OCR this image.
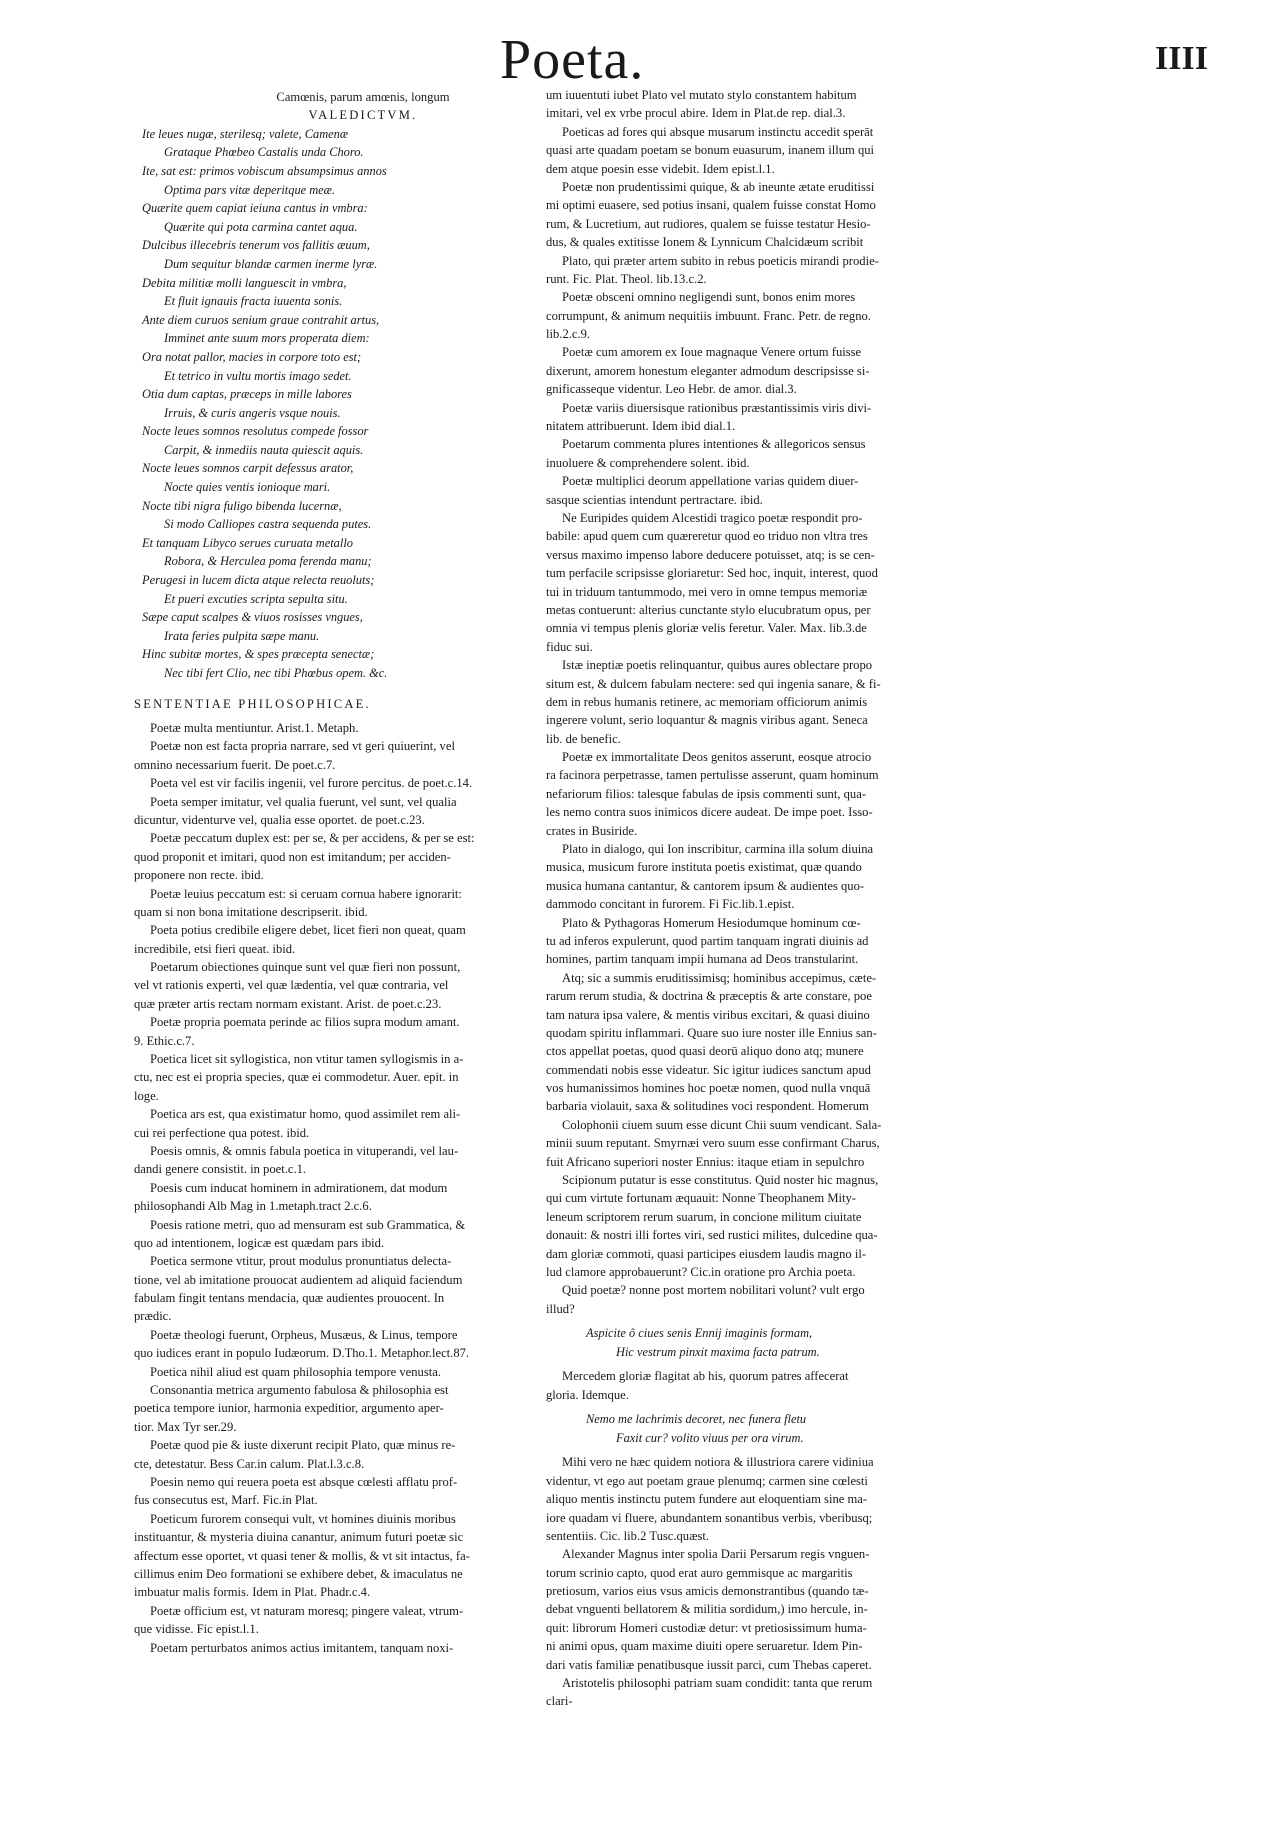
Poeta.	IIII
Camœnis, parum amœnis, longum
VALEDICTVM.
Ite leues nugæ, sterilesq; valete, Camenæ
Grataque Phœbeo Castalis unda Choro.
Ite, sat est: primos vobiscum absumpsimus annos
Optima pars vitæ deperitque meæ.
Quærite quem capiat ieiuna cantus in vmbra:
Quærite qui pota carmina cantet aqua.
Dulcibus illecebris tenerum vos fallitis æuum,
Dum sequitur blandæ carmen inerme lyræ.
Debita militiæ molli languescit in vmbra,
Et fluit ignauis fracta iuuenta sonis.
Ante diem curuos senium graue contrahit artus,
Imminet ante suum mors properata diem:
Ora notat pallor, macies in corpore toto est;
Et tetrico in vultu mortis imago sedet.
Otia dum captas, præceps in mille labores
Irruis, & curis angeris vsque nouis.
Nocte leues somnos resolutus compede fossor
Carpit, & inmediis nauta quiescit aquis.
Nocte leues somnos carpit defessus arator,
Nocte quies ventis ionioque mari.
Nocte tibi nigra fuligo bibenda lucernæ,
Si modo Calliopes castra sequenda putes.
Et tanquam Libyco serues curuata metallo
Robora, & Herculea poma ferenda manu;
Perugesi in lucem dicta atque relecta reuoluts;
Et pueri excuties scripta sepulta situ.
Sæpe caput scalpes & viuos rosisses vngues,
Irata feries pulpita sæpe manu.
Hinc subitæ mortes, & spes præcepta senectæ;
Nec tibi fert Clio, nec tibi Phœbus opem. &c.
SENTENTIAE PHILOSOPHICAE.
Poetæ multa mentiuntur. Arist.1. Metaph.
Poetæ non est facta propria narrare, sed vt geri quiuerint, vel
omnino necessarium fuerit. De poet.c.7.
Poeta vel est vir facilis ingenii, vel furore percitus. de poet.c.14.
Poeta semper imitatur, vel qualia fuerunt, vel sunt, vel qualia
dicuntur, videnturve vel, qualia esse oportet. de poet.c.23.
Poetæ peccatum duplex est: per se, & per accidens, & per se est:
quod proponit et imitari, quod non est imitandum; per acciden-
proponere non recte. ibid.
Poetæ leuius peccatum est: si ceruam cornua habere ignorarit:
quam si non bona imitatione descripserit. ibid.
Poeta potius credibile eligere debet, licet fieri non queat, quam
incredibile, etsi fieri queat. ibid.
Poetarum obiectiones quinque sunt vel quæ fieri non possunt,
vel vt rationis experti, vel quæ lædentia, vel quæ contraria, vel
quæ præter artis rectam normam existant. Arist. de poet.c.23.
Poetæ propria poemata perinde ac filios supra modum amant.
9. Ethic.c.7.
Poetica licet sit syllogistica, non vtitur tamen syllogismis in a-
ctu, nec est ei propria species, quæ ei commodetur. Auer. epit. in
loge.
Poetica ars est, qua existimatur homo, quod assimilet rem ali-
cui rei perfectione qua potest. ibid.
Poesis omnis, & omnis fabula poetica in vituperandi, vel lau-
dandi genere consistit. in poet.c.1.
Poesis cum inducat hominem in admirationem, dat modum
philosophandi Alb Mag in 1.metaph.tract 2.c.6.
Poesis ratione metri, quo ad mensuram est sub Grammatica, &
quo ad intentionem, logicæ est quædam pars ibid.
Poetica sermone vtitur, prout modulus pronuntiatus delecta-
tione, vel ab imitatione prouocat audientem ad aliquid faciendum
fabulam fingit tentans mendacia, quæ audientes prouocent. In
prædic.
Poetæ theologi fuerunt, Orpheus, Musæus, & Linus, tempore
quo iudices erant in populo Iudæorum. D.Tho.1. Metaphor.lect.87.
Poetica nihil aliud est quam philosophia tempore venusta.
Consonantia metrica argumento fabulosa & philosophia est
poetica tempore iunior, harmonia expeditior, argumento aper-
tior. Max Tyr ser.29.
Poetæ quod pie & iuste dixerunt recipit Plato, quæ minus re-
cte, detestatur. Bess Car.in calum. Plat.l.3.c.8.
Poesin nemo qui reuera poeta est absque cœlesti afflatu prof-
fus consecutus est, Marf. Fic.in Plat.
Poeticum furorem consequi vult, vt homines diuinis moribus
instituantur, & mysteria diuina canantur, animum futuri poetæ sic
affectum esse oportet, vt quasi tener & mollis, & vt sit intactus, fa-
cillimus enim Deo formationi se exhibere debet, & imaculatus ne
imbuatur malis formis. Idem in Plat. Phadr.c.4.
Poetæ officium est, vt naturam moresq; pingere valeat, vtrum-
que vidisse. Fic epist.l.1.
Poetam perturbatos animos actius imitantem, tanquam noxi-
um iuuentuti iubet Plato vel mutato stylo constantem habitum
imitari, vel ex vrbe procul abire. Idem in Plat.de rep. dial.3.
Poeticas ad fores qui absque musarum instinctu accedit sperāt
quasi arte quadam poetam se bonum euasurum, inanem illum qui
dem atque poesin esse videbit. Idem epist.l.1.
Poetæ non prudentissimi quique, & ab ineunte ætate eruditissi
mi optimi euasere, sed potius insani, qualem fuisse constat Homo
rum, & Lucretium, aut rudiores, qualem se fuisse testatur Hesio-
dus, & quales extitisse Ionem & Lynnicum Chalcidæum scribit
Plato, qui præter artem subito in rebus poeticis mirandi prodie-
runt. Fic. Plat. Theol. lib.13.c.2.
Poetæ obsceni omnino negligendi sunt, bonos enim mores
corrumpunt, & animum nequitiis imbuunt. Franc. Petr. de regno.
lib.2.c.9.
Poetæ cum amorem ex Ioue magnaque Venere ortum fuisse
dixerunt, amorem honestum eleganter admodum descripsisse si-
gnificasseque videntur. Leo Hebr. de amor. dial.3.
Poetæ variis diuersisque rationibus præstantissimis viris divi-
nitatem attribuerunt. Idem ibid dial.1.
Poetarum commenta plures intentiones & allegoricos sensus
inuoluere & comprehendere solent. ibid.
Poetæ multiplici deorum appellatione varias quidem diuer-
sasque scientias intendunt pertractare. ibid.
Ne Euripides quidem Alcestidi tragico poetæ respondit pro-
babile: apud quem cum quæreretur quod eo triduo non vltra tres
versus maximo impenso labore deducere potuisset, atq; is se cen-
tum perfacile scripsisse gloriaretur: Sed hoc, inquit, interest, quod
tui in triduum tantummodo, mei vero in omne tempus memoriæ
metas contuerunt: alterius cunctante stylo elucubratum opus, per
omnia vi tempus plenis gloriæ velis feretur. Valer. Max. lib.3.de
fiduc sui.
Istæ ineptiæ poetis relinquantur, quibus aures oblectare propo
situm est, & dulcem fabulam nectere: sed qui ingenia sanare, & fi-
dem in rebus humanis retinere, ac memoriam officiorum animis
ingerere volunt, serio loquantur & magnis viribus agant. Seneca
lib. de benefic.
Poetæ ex immortalitate Deos genitos asserunt, eosque atrocio
ra facinora perpetrasse, tamen pertulisse asserunt, quam hominum
nefariorum filios: talesque fabulas de ipsis commenti sunt, qua-
les nemo contra suos inimicos dicere audeat. De impe poet. Isso-
crates in Busiride.
Plato in dialogo, qui Ion inscribitur, carmina illa solum diuina
musica, musicum furore instituta poetis existimat, quæ quando
musica humana cantantur, & cantorem ipsum & audientes quo-
dammodo concitant in furorem. Fi Fic.lib.1.epist.
Plato & Pythagoras Homerum Hesiodumque hominum cœ-
tu ad inferos expulerunt, quod partim tanquam ingrati diuinis ad
homines, partim tanquam impii humana ad Deos transtularint.
Atq; sic a summis eruditissimisq; hominibus accepimus, cæte-
rarum rerum studia, & doctrina & præceptis & arte constare, poe
tam natura ipsa valere, & mentis viribus excitari, & quasi diuino
quodam spiritu inflammari. Quare suo iure noster ille Ennius san-
ctos appellat poetas, quod quasi deorū aliquo dono atq; munere
commendati nobis esse videatur. Sic igitur iudices sanctum apud
vos humanissimos homines hoc poetæ nomen, quod nulla vnquā
barbaria violauit, saxa & solitudines voci respondent. Homerum
Colophonii ciuem suum esse dicunt Chii suum vendicant. Sala-
minii suum reputant. Smyrnæi vero suum esse confirmant Charus,
fuit Africano superiori noster Ennius: itaque etiam in sepulchro
Scipionum putatur is esse constitutus. Quid noster hic magnus,
qui cum virtute fortunam æquauit: Nonne Theophanem Mity-
leneum scriptorem rerum suarum, in concione militum ciuitate
donauit: & nostri illi fortes viri, sed rustici milites, dulcedine qua-
dam gloriæ commoti, quasi participes eiusdem laudis magno il-
lud clamore approbauerunt? Cic.in oratione pro Archia poeta.
Quid poetæ? nonne post mortem nobilitari volunt? vult ergo
illud?
Aspicite ô ciues senis Ennij imaginis formam,
Hic vestrum pinxit maxima facta patrum.
Mercedem gloriæ flagitat ab his, quorum patres affecerat
gloria. Idemque.
Nemo me lachrimis decoret, nec funera fletu
Faxit cur? volito viuus per ora virum.
Mihi vero ne hæc quidem notiora & illustriora carere vidiniua
videntur, vt ego aut poetam graue plenumq; carmen sine cœlesti
aliquo mentis instinctu putem fundere aut eloquentiam sine ma-
iore quadam vi fluere, abundantem sonantibus verbis, vberibusq;
sententiis. Cic. lib.2 Tusc.quæst.
Alexander Magnus inter spolia Darii Persarum regis vnguen-
torum scrinio capto, quod erat auro gemmisque ac margaritis
pretiosum, varios eius vsus amicis demonstrantibus (quando tæ-
debat vnguenti bellatorem & militia sordidum,) imo hercule, in-
quit: librorum Homeri custodiæ detur: vt pretiosissimum huma-
ni animi opus, quam maxime diuiti opere seruaretur. Idem Pin-
dari vatis familiæ penatibusque iussit parci, cum Thebas caperet.
Aristotelis philosophi patriam suam condidit: tanta que rerum
clari-
